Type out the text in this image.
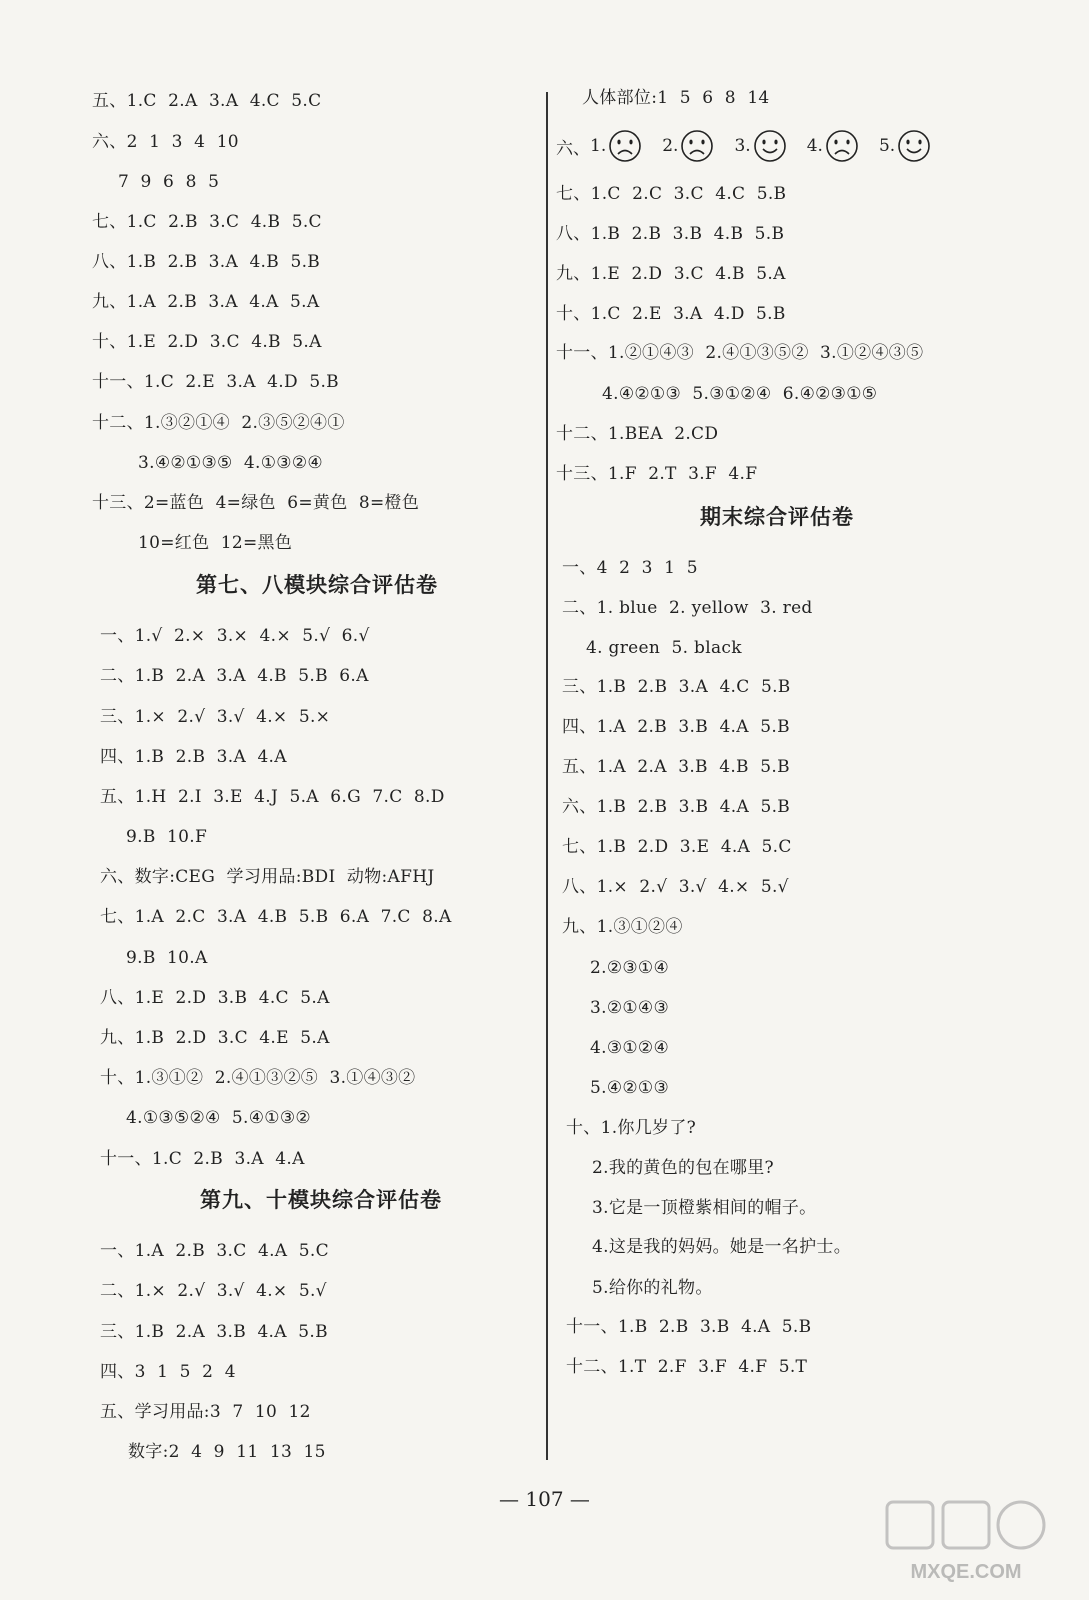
五、1.C  2.A  3.A  4.C  5.C
六、2  1  3  4  10
7  9  6  8  5
七、1.C  2.B  3.C  4.B  5.C
八、1.B  2.B  3.A  4.B  5.B
九、1.A  2.B  3.A  4.A  5.A
十、1.E  2.D  3.C  4.B  5.A
十一、1.C  2.E  3.A  4.D  5.B
十二、1.③②①④  2.③⑤②④①
3.④②①③⑤  4.①③②④
十三、2=蓝色  4=绿色  6=黄色  8=橙色
10=红色  12=黑色
第七、八模块综合评估卷
一、1.√  2.×  3.×  4.×  5.√  6.√
二、1.B  2.A  3.A  4.B  5.B  6.A
三、1.×  2.√  3.√  4.×  5.×
四、1.B  2.B  3.A  4.A
五、1.H  2.I  3.E  4.J  5.A  6.G  7.C  8.D
9.B  10.F
六、数字:CEG  学习用品:BDI  动物:AFHJ
七、1.A  2.C  3.A  4.B  5.B  6.A  7.C  8.A
9.B  10.A
八、1.E  2.D  3.B  4.C  5.A
九、1.B  2.D  3.C  4.E  5.A
十、1.③①②  2.④①③②⑤  3.①④③②
4.①③⑤②④  5.④①③②
十一、1.C  2.B  3.A  4.A
第九、十模块综合评估卷
一、1.A  2.B  3.C  4.A  5.C
二、1.×  2.√  3.√  4.×  5.√
三、1.B  2.A  3.B  4.A  5.B
四、3  1  5  2  4
五、学习用品:3  7  10  12
数字:2  4  9  11  13  15
人体部位:1  5  6  8  14
七、1.C  2.C  3.C  4.C  5.B
八、1.B  2.B  3.B  4.B  5.B
九、1.E  2.D  3.C  4.B  5.A
十、1.C  2.E  3.A  4.D  5.B
十一、1.②①④③  2.④①③⑤②  3.①②④③⑤
4.④②①③  5.③①②④  6.④②③①⑤
十二、1.BEA  2.CD
十三、1.F  2.T  3.F  4.F
期末综合评估卷
一、4  2  3  1  5
二、1. blue  2. yellow  3. red
4. green  5. black
三、1.B  2.B  3.A  4.C  5.B
四、1.A  2.B  3.B  4.A  5.B
五、1.A  2.A  3.B  4.B  5.B
六、1.B  2.B  3.B  4.A  5.B
七、1.B  2.D  3.E  4.A  5.C
八、1.×  2.√  3.√  4.×  5.√
九、1.③①②④
2.②③①④
3.②①④③
4.③①②④
5.④②①③
十、1.你几岁了?
2.我的黄色的包在哪里?
3.它是一顶橙紫相间的帽子。
4.这是我的妈妈。她是一名护士。
5.给你的礼物。
十一、1.B  2.B  3.B  4.A  5.B
十二、1.T  2.F  3.F  4.F  5.T
六、 1.	2.	3.	4.	5.
— 107 —
MXQE.COM
